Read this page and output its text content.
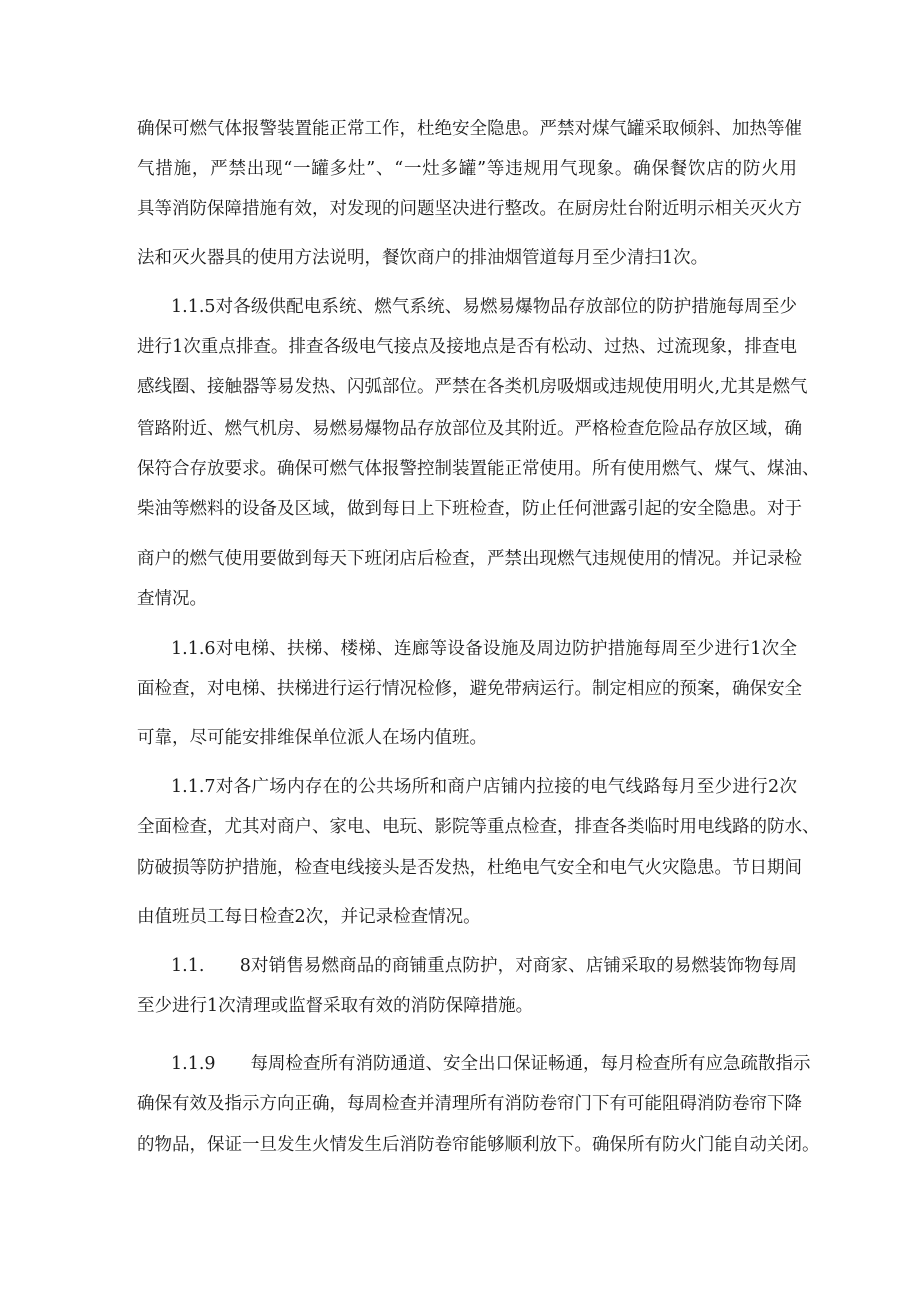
确保可燃气体报警装置能正常工作，杜绝安全隐患。严禁对煤气罐采取倾斜、加热等催
气措施，严禁出现“一罐多灶”、“一灶多罐”等违规用气现象。确保餐饮店的防火用
具等消防保障措施有效，对发现的问题坚决进行整改。在厨房灶台附近明示相关灭火方
法和灭火器具的使用方法说明，餐饮商户的排油烟管道每月至少清扫1次。
1.1.5对各级供配电系统、燃气系统、易燃易爆物品存放部位的防护措施每周至少
进行1次重点排查。排查各级电气接点及接地点是否有松动、过热、过流现象，排查电
感线圈、接触器等易发热、闪弧部位。严禁在各类机房吸烟或违规使用明火,尤其是燃气
管路附近、燃气机房、易燃易爆物品存放部位及其附近。严格检查危险品存放区域，确
保符合存放要求。确保可燃气体报警控制装置能正常使用。所有使用燃气、煤气、煤油、
柴油等燃料的设备及区域，做到每日上下班检查，防止任何泄露引起的安全隐患。对于
商户的燃气使用要做到每天下班闭店后检查，严禁出现燃气违规使用的情况。并记录检
查情况。
1.1.6对电梯、扶梯、楼梯、连廊等设备设施及周边防护措施每周至少进行1次全
面检查，对电梯、扶梯进行运行情况检修，避免带病运行。制定相应的预案，确保安全
可靠，尽可能安排维保单位派人在场内值班。
1.1.7对各广场内存在的公共场所和商户店铺内拉接的电气线路每月至少进行2次
全面检查，尤其对商户、家电、电玩、影院等重点检查，排查各类临时用电线路的防水、
防破损等防护措施，检查电线接头是否发热，杜绝电气安全和电气火灾隐患。节日期间
由值班员工每日检查2次，并记录检查情况。
1.1.　　8对销售易燃商品的商铺重点防护，对商家、店铺采取的易燃装饰物每周
至少进行1次清理或监督采取有效的消防保障措施。
1.1.9　　每周检查所有消防通道、安全出口保证畅通，每月检查所有应急疏散指示
确保有效及指示方向正确，每周检查并清理所有消防卷帘门下有可能阻碍消防卷帘下降
的物品，保证一旦发生火情发生后消防卷帘能够顺利放下。确保所有防火门能自动关闭。
